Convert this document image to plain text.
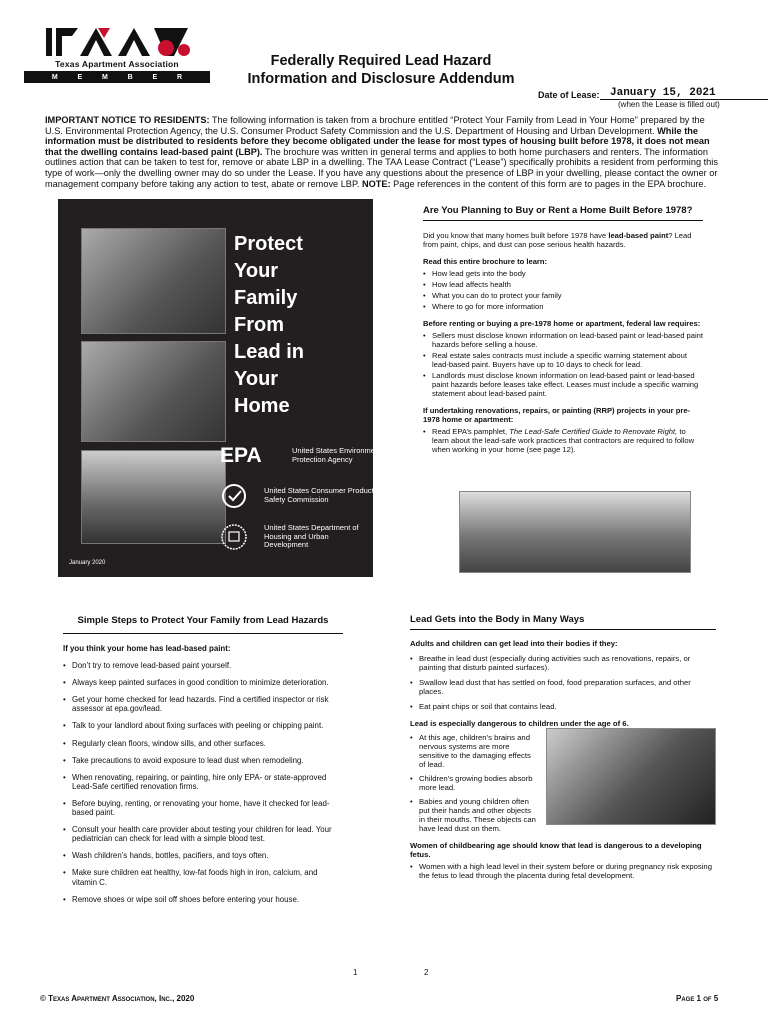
Texas Apartment Association
M	E	M	B	E	R
Federally Required Lead Hazard
Information and Disclosure Addendum
Date of Lease: January 15, 2021
(when the Lease is filled out)
IMPORTANT NOTICE TO RESIDENTS: The following information is taken from a brochure entitled “Protect Your Family from Lead in Your Home” prepared by the U.S. Environmental Protection Agency, the U.S. Consumer Product Safety Commission and the U.S. Department of Housing and Urban Development. While the information must be distributed to residents before they become obligated under the lease for most types of housing built before 1978, it does not mean that the dwelling contains lead-based paint (LBP). The brochure was written in general terms and applies to both home purchasers and renters. The information outlines action that can be taken to test for, remove or abate LBP in a dwelling. The TAA Lease Contract (“Lease”) specifically prohibits a resident from performing this type of work—only the dwelling owner may do so under the Lease. If you have any questions about the presence of LBP in your dwelling, please contact the owner or management company before taking any action to test, abate or remove LBP. NOTE: Page references in the content of this form are to pages in the EPA brochure.
Protect
Your
Family
From
Lead in
Your
Home
EPA	United States Environmental Protection Agency
United States Consumer Product Safety Commission
United States Department of Housing and Urban Development
January 2020
Are You Planning to Buy or Rent a Home Built Before 1978?
Did you know that many homes built before 1978 have lead-based paint? Lead from paint, chips, and dust can pose serious health hazards.
Read this entire brochure to learn:
• How lead gets into the body
• How lead affects health
• What you can do to protect your family
• Where to go for more information
Before renting or buying a pre-1978 home or apartment, federal law requires:
• Sellers must disclose known information on lead-based paint or lead-based paint hazards before selling a house.
• Real estate sales contracts must include a specific warning statement about lead-based paint. Buyers have up to 10 days to check for lead.
• Landlords must disclose known information on lead-based paint or lead-based paint hazards before leases take effect. Leases must include a specific warning statement about lead-based paint.
If undertaking renovations, repairs, or painting (RRP) projects in your pre-1978 home or apartment:
• Read EPA’s pamphlet, The Lead-Safe Certified Guide to Renovate Right, to learn about the lead-safe work practices that contractors are required to follow when working in your home (see page 12).
Simple Steps to Protect Your Family from Lead Hazards
If you think your home has lead-based paint:
• Don’t try to remove lead-based paint yourself.
• Always keep painted surfaces in good condition to minimize deterioration.
• Get your home checked for lead hazards. Find a certified inspector or risk assessor at epa.gov/lead.
• Talk to your landlord about fixing surfaces with peeling or chipping paint.
• Regularly clean floors, window sills, and other surfaces.
• Take precautions to avoid exposure to lead dust when remodeling.
• When renovating, repairing, or painting, hire only EPA- or state-approved Lead-Safe certified renovation firms.
• Before buying, renting, or renovating your home, have it checked for lead-based paint.
• Consult your health care provider about testing your children for lead. Your pediatrician can check for lead with a simple blood test.
• Wash children’s hands, bottles, pacifiers, and toys often.
• Make sure children eat healthy, low-fat foods high in iron, calcium, and vitamin C.
• Remove shoes or wipe soil off shoes before entering your house.
Lead Gets into the Body in Many Ways
Adults and children can get lead into their bodies if they:
• Breathe in lead dust (especially during activities such as renovations, repairs, or painting that disturb painted surfaces).
• Swallow lead dust that has settled on food, food preparation surfaces, and other places.
• Eat paint chips or soil that contains lead.
Lead is especially dangerous to children under the age of 6.
• At this age, children’s brains and nervous systems are more sensitive to the damaging effects of lead.
• Children’s growing bodies absorb more lead.
• Babies and young children often put their hands and other objects in their mouths. These objects can have lead dust on them.
Women of childbearing age should know that lead is dangerous to a developing fetus.
• Women with a high lead level in their system before or during pregnancy risk exposing the fetus to lead through the placenta during fetal development.
1	2
© Texas Apartment Association, Inc., 2020	Page 1 of 5
